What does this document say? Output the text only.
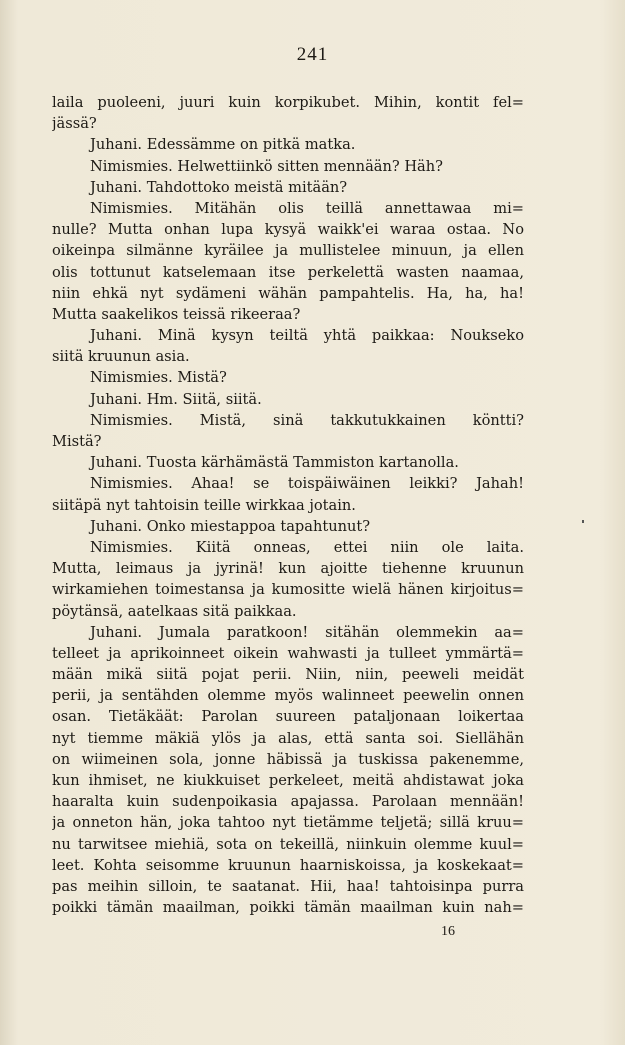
241
laila puoleeni, juuri kuin korpikubet. Mihin, kontit fel=
jässä?
Juhani. Edessämme on pitkä matka.
Nimismies. Helwettiinkö sitten mennään? Häh?
Juhani. Tahdottoko meistä mitään?
Nimismies. Mitähän olis teillä annettawaa mi=
nulle? Mutta onhan lupa kysyä waikk'ei waraa ostaa. No
oikeinpa silmänne kyräilee ja mullistelee minuun, ja ellen
olis tottunut katselemaan itse perkelettä wasten naamaa,
niin ehkä nyt sydämeni wähän pampahtelis. Ha, ha, ha!
Mutta saakelikos teissä rikeeraa?
Juhani. Minä kysyn teiltä yhtä paikkaa: Noukseko
siitä kruunun asia.
Nimismies. Mistä?
Juhani. Hm. Siitä, siitä.
Nimismies. Mistä, sinä takkutukkainen köntti?
Mistä?
Juhani. Tuosta kärhämästä Tammiston kartanolla.
Nimismies. Ahaa! se toispäiwäinen leikki? Jahah!
siitäpä nyt tahtoisin teille wirkkaa jotain.
Juhani. Onko miestappoa tapahtunut?
Nimismies. Kiitä onneas, ettei niin ole laita.
Mutta, leimaus ja jyrinä! kun ajoitte tiehenne kruunun
wirkamiehen toimestansa ja kumositte wielä hänen kirjoitus=
pöytänsä, aatelkaas sitä paikkaa.
Juhani. Jumala paratkoon! sitähän olemmekin aa=
telleet ja aprikoinneet oikein wahwasti ja tulleet ymmärtä=
mään mikä siitä pojat perii. Niin, niin, peeweli meidät
perii, ja sentähden olemme myös walinneet peewelin onnen
osan. Tietäkäät: Parolan suureen pataljonaan loikertaa
nyt tiemme mäkiä ylös ja alas, että santa soi. Siellähän
on wiimeinen sola, jonne häbissä ja tuskissa pakenemme,
kun ihmiset, ne kiukkuiset perkeleet, meitä ahdistawat joka
haaralta kuin sudenpoikasia apajassa. Parolaan mennään!
ja onneton hän, joka tahtoo nyt tietämme teljetä; sillä kruu=
nu tarwitsee miehiä, sota on tekeillä, niinkuin olemme kuul=
leet. Kohta seisomme kruunun haarniskoissa, ja koskekaat=
pas meihin silloin, te saatanat. Hii, haa! tahtoisinpa purra
poikki tämän maailman, poikki tämän maailman kuin nah=
16
